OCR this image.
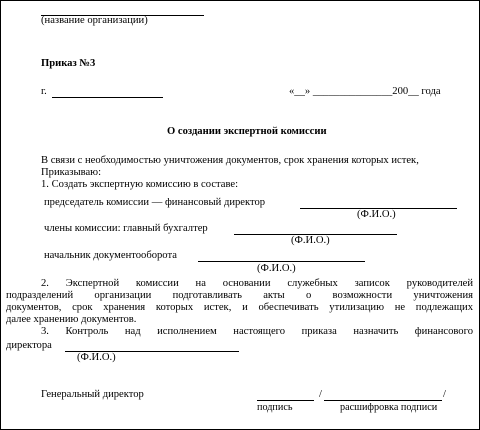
(название организации)
Приказ №3
г.	«__» _______________200__ года
О создании экспертной комиссии
В связи с необходимостью уничтожения документов, срок хранения которых истек,
Приказываю:
1. Создать экспертную комиссию в составе:
председатель комиссии — финансовый директор
(Ф.И.О.)
члены комиссии: главный бухгалтер
(Ф.И.О.)
начальник документооборота
(Ф.И.О.)
2. Экспертной комиссии на основании служебных записок руководителей
подразделений организации подготавливать акты о возможности уничтожения
документов, срок хранения которых истек, и обеспечивать утилизацию не подлежащих
далее хранению документов.
3. Контроль над исполнением настоящего приказа назначить финансового
директора
(Ф.И.О.)
Генеральный директор	/	/
подпись	расшифровка подписи
